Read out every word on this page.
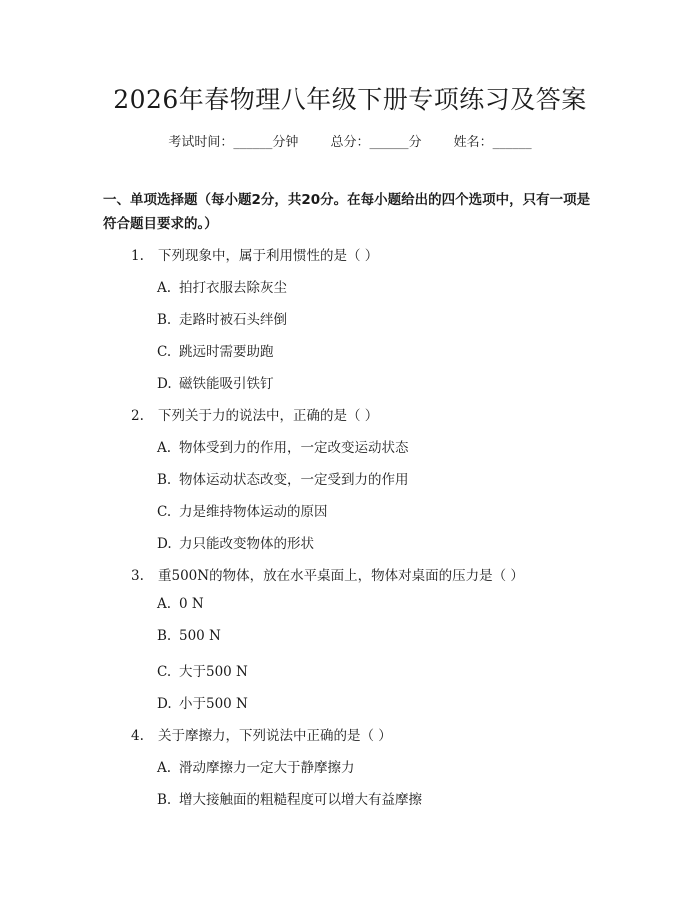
2026年春物理八年级下册专项练习及答案
考试时间：______分钟 总分：______分 姓名：______
一、单项选择题（每小题2分，共20分。在每小题给出的四个选项中，只有一项是符合题目要求的。）
1. 下列现象中，属于利用惯性的是（ ）
A. 拍打衣服去除灰尘
B. 走路时被石头绊倒
C. 跳远时需要助跑
D. 磁铁能吸引铁钉
2. 下列关于力的说法中，正确的是（ ）
A. 物体受到力的作用，一定改变运动状态
B. 物体运动状态改变，一定受到力的作用
C. 力是维持物体运动的原因
D. 力只能改变物体的形状
3. 重500N的物体，放在水平桌面上，物体对桌面的压力是（ ）
A. 0 N
B. 500 N
C. 大于500 N
D. 小于500 N
4. 关于摩擦力，下列说法中正确的是（ ）
A. 滑动摩擦力一定大于静摩擦力
B. 增大接触面的粗糙程度可以增大有益摩擦
